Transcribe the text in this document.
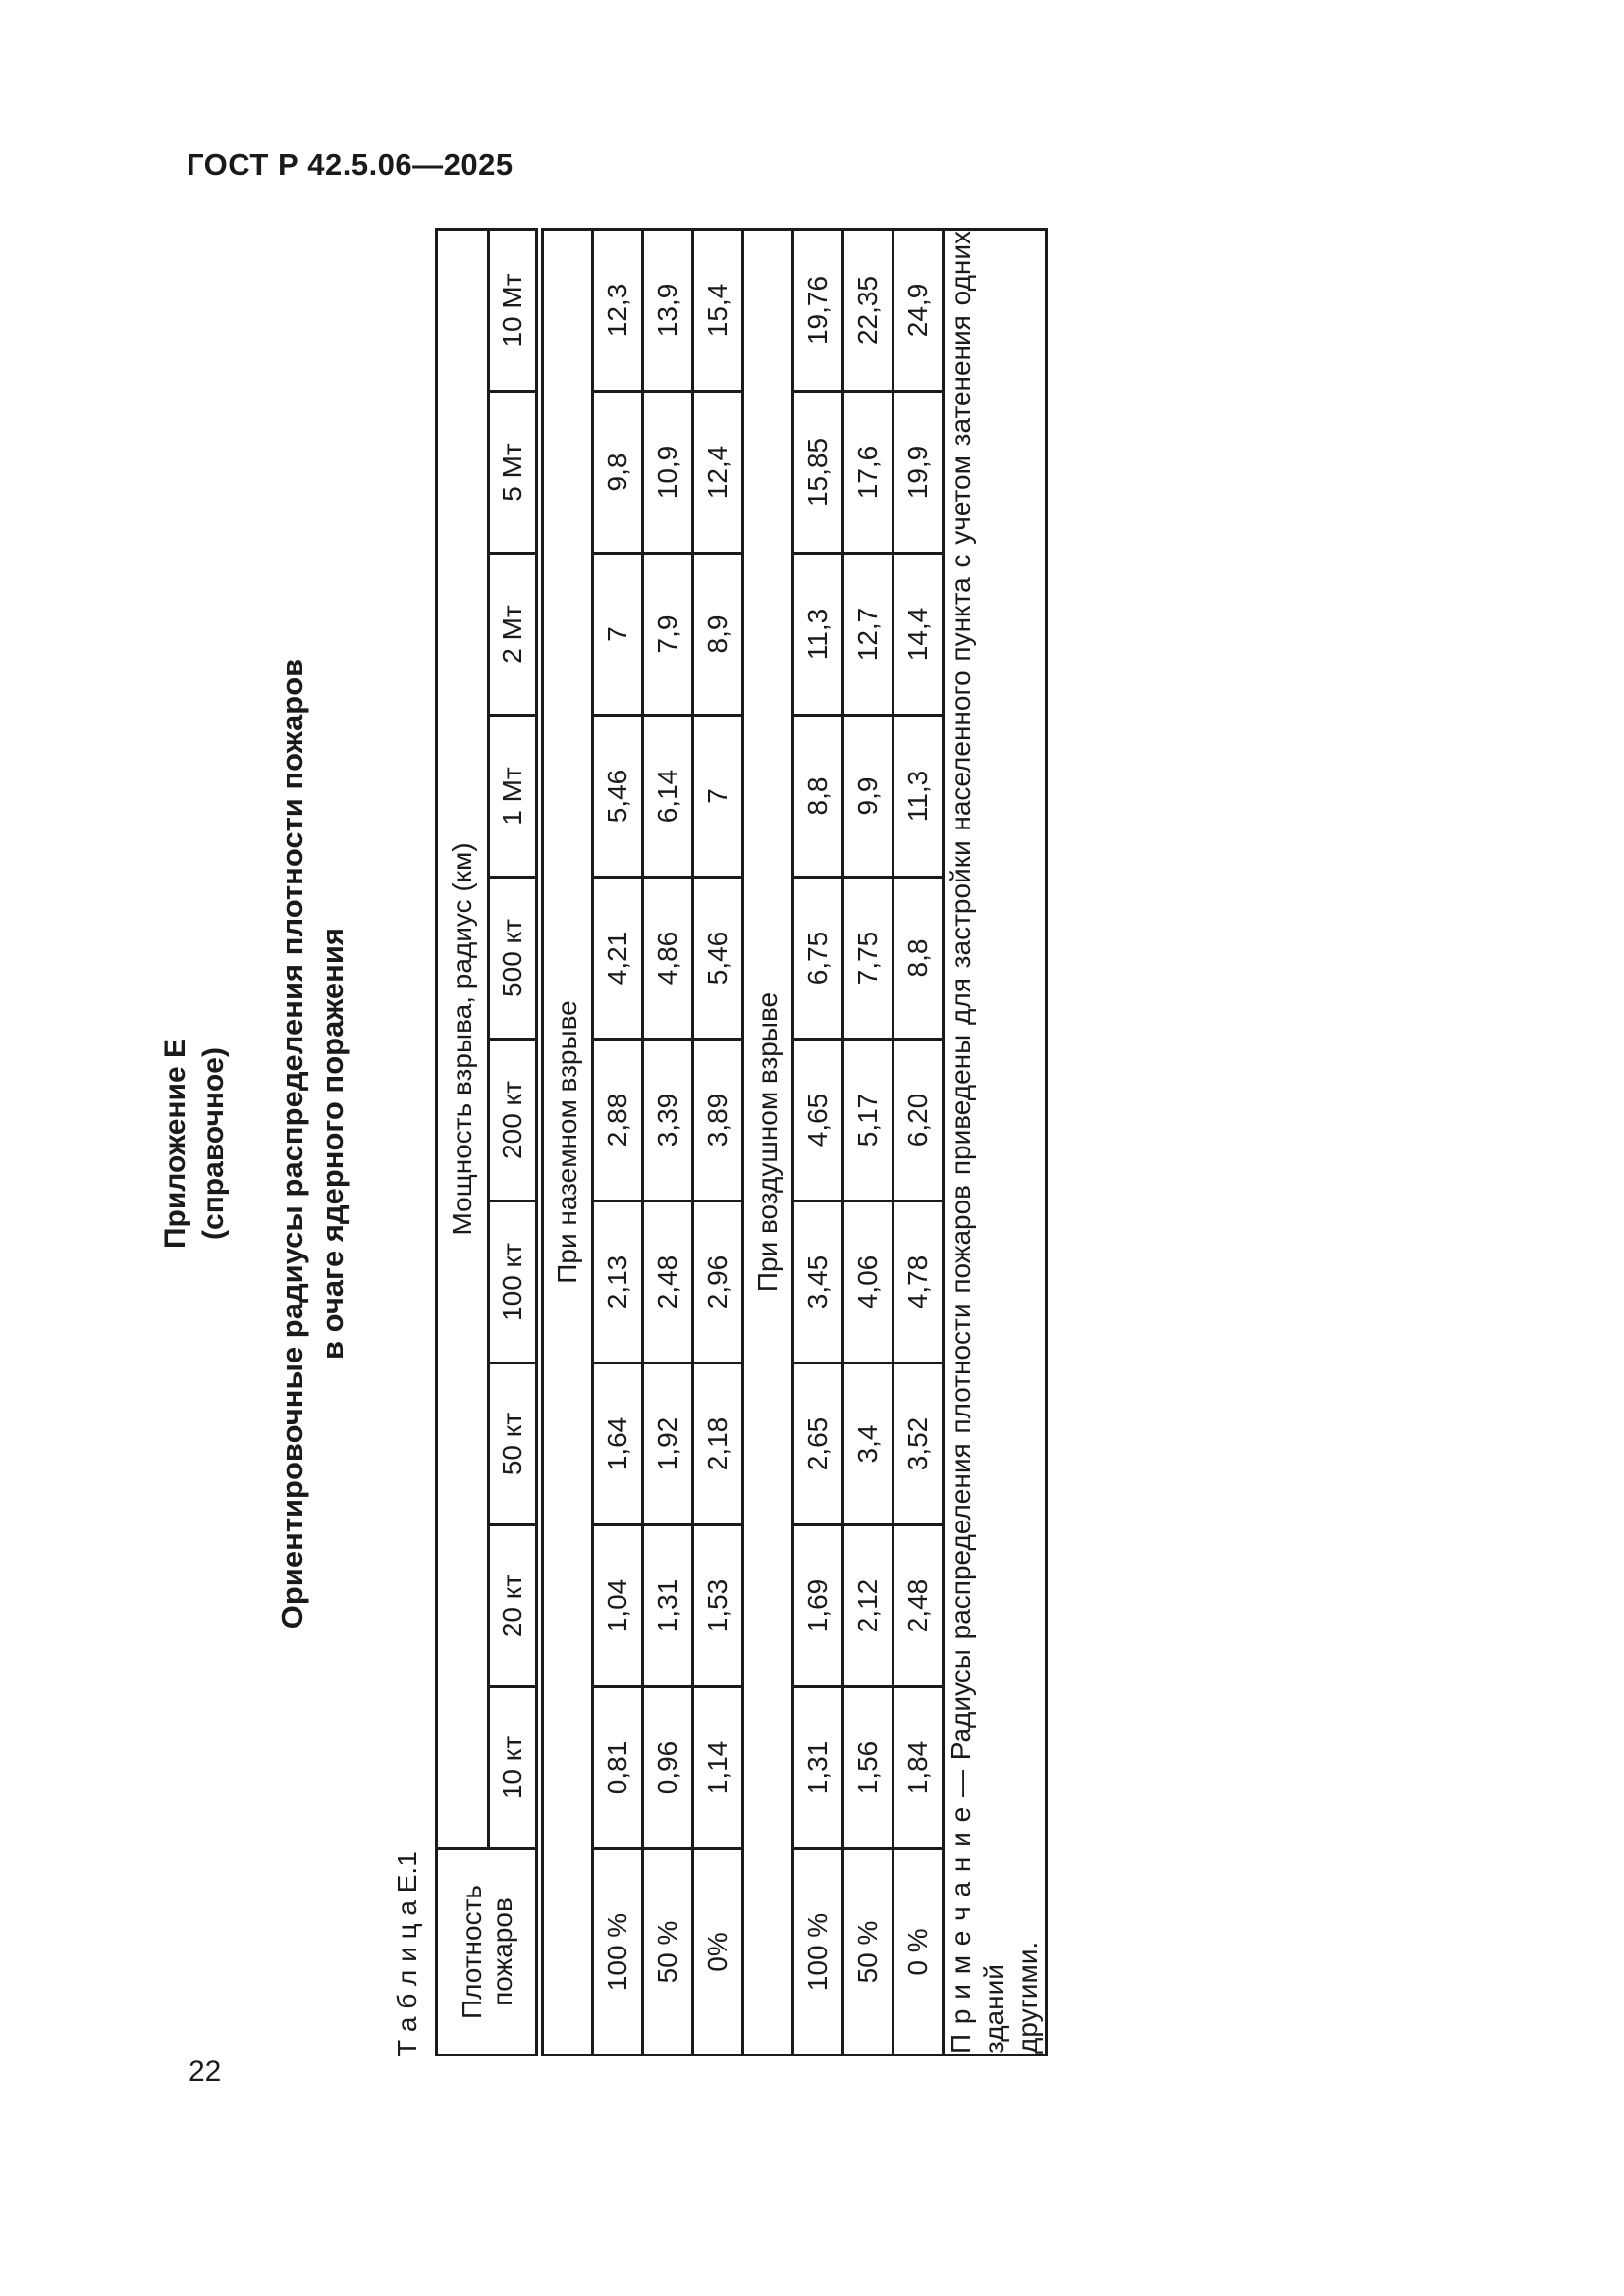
ГОСТ Р 42.5.06—2025
Приложение Е (справочное) Ориентировочные радиусы распределения плотности пожаров в очаге ядерного поражения
Т а б л и ц а Е.1 Плотность пожаров	Мощность взрыва, радиус (км)									
	10 кт	20 кт	50 кт	100 кт	200 кт	500 кт	1 Мт	2 Мт	5 Мт	10 Мт
При наземном взрыве										
100 %	0,81	1,04	1,64	2,13	2,88	4,21	5,46	7	9,8	12,3
50 %	0,96	1,31	1,92	2,48	3,39	4,86	6,14	7,9	10,9	13,9
0%	1,14	1,53	2,18	2,96	3,89	5,46	7	8,9	12,4	15,4
При воздушном взрыве										
100 %	1,31	1,69	2,65	3,45	4,65	6,75	8,8	11,3	15,85	19,76
50 %	1,56	2,12	3,4	4,06	5,17	7,75	9,9	12,7	17,6	22,35
0 %	1,84	2,48	3,52	4,78	6,20	8,8	11,3	14,4	19,9	24,9

П р и м е ч а н и е — Радиусы распределения плотности пожаров приведены для застройки населенного пункта с учетом затенения одних зданий другими.										
22
